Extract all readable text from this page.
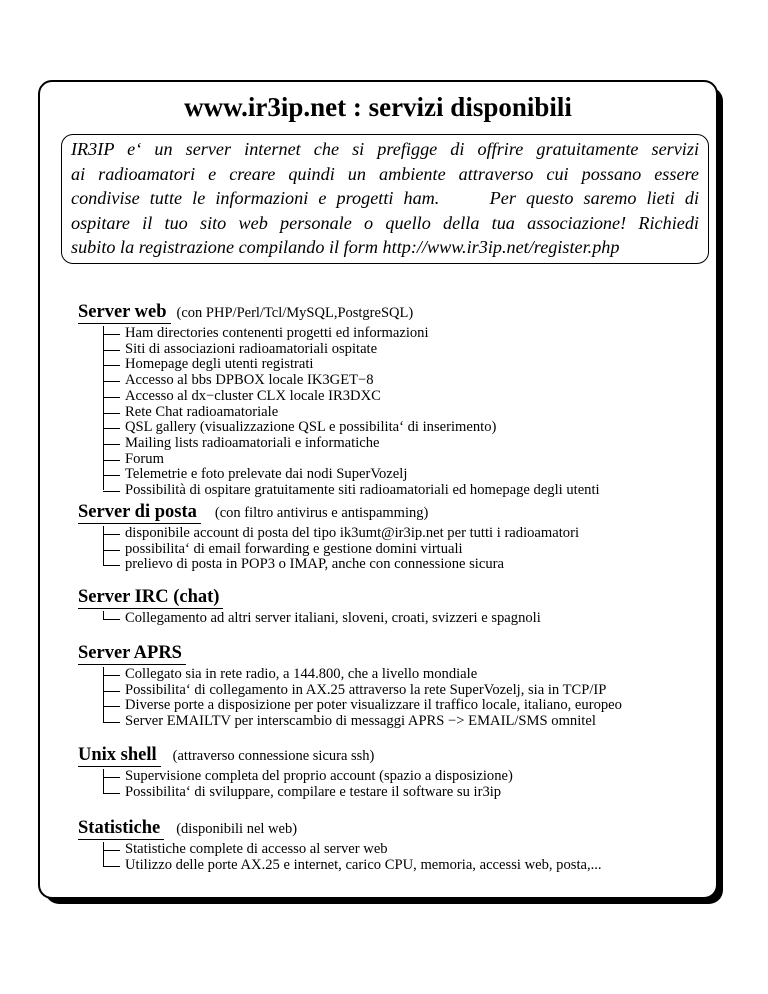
www.ir3ip.net : servizi disponibili
IR3IP e‘ un server internet che si prefigge di offrire gratuitamente servizi
ai radioamatori e creare quindi un ambiente attraverso cui possano essere
condivise tutte le informazioni e progetti ham.     Per questo saremo lieti di
ospitare il tuo sito web personale o quello della tua associazione! Richiedi
subito la registrazione compilando il form http://www.ir3ip.net/register.php
Server web (con PHP/Perl/Tcl/MySQL,PostgreSQL)
Ham directories contenenti progetti ed informazioni
Siti di associazioni radioamatoriali ospitate
Homepage degli utenti registrati
Accesso al bbs DPBOX locale IK3GET−8
Accesso al dx−cluster CLX locale IR3DXC
Rete Chat radioamatoriale
QSL gallery (visualizzazione QSL e possibilita‘ di inserimento)
Mailing lists radioamatoriali e informatiche
Forum
Telemetrie e foto prelevate dai nodi SuperVozelj
Possibilità di ospitare gratuitamente siti radioamatoriali ed homepage degli utenti
Server di posta (con filtro antivirus e antispamming)
disponibile account di posta del tipo ik3umt@ir3ip.net per tutti i radioamatori
possibilita‘ di email forwarding e gestione domini virtuali
prelievo di posta in POP3 o IMAP, anche con connessione sicura
Server IRC (chat)
Collegamento ad altri server italiani, sloveni, croati, svizzeri e spagnoli
Server APRS
Collegato sia in rete radio, a 144.800, che a livello mondiale
Possibilita‘ di collegamento in AX.25 attraverso la rete SuperVozelj, sia in TCP/IP
Diverse porte a disposizione per poter visualizzare il traffico locale, italiano, europeo
Server EMAILTV per interscambio di messaggi APRS −> EMAIL/SMS omnitel
Unix shell (attraverso connessione sicura ssh)
Supervisione completa del proprio account (spazio a disposizione)
Possibilita‘ di sviluppare, compilare e testare il software su ir3ip
Statistiche (disponibili nel web)
Statistiche complete di accesso al server web
Utilizzo delle porte AX.25 e internet, carico CPU, memoria, accessi web, posta,...
